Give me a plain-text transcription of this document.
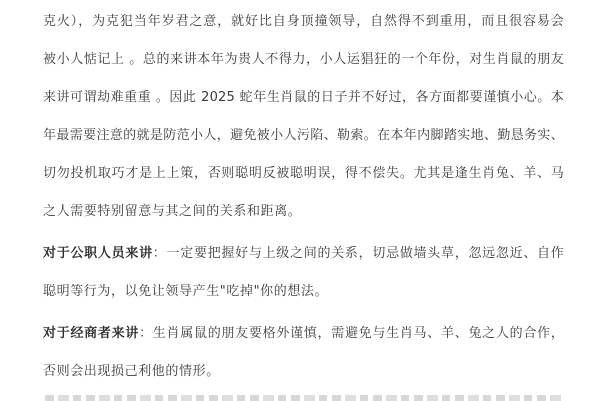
克火），为克犯当年岁君之意，就好比自身顶撞领导，自然得不到重用，而且很容易会
被小人惦记上 。总的来讲本年为贵人不得力，小人运猖狂的一个年份，对生肖鼠的朋友
来讲可谓劫难重重 。因此 2025 蛇年生肖鼠的日子并不好过，各方面都要谨慎小心。本
年最需要注意的就是防范小人，避免被小人污陷、勒索。在本年内脚踏实地、勤恳务实、
切勿投机取巧才是上上策，否则聪明反被聪明误，得不偿失。尤其是逢生肖兔、羊、马
之人需要特别留意与其之间的关系和距离。
对于公职人员来讲：一定要把握好与上级之间的关系，切忌做墙头草，忽远忽近、自作
聪明等行为，以免让领导产生"吃掉"你的想法。
对于经商者来讲：生肖属鼠的朋友要格外谨慎，需避免与生肖马、羊、兔之人的合作，
否则会出现损己利他的情形。
